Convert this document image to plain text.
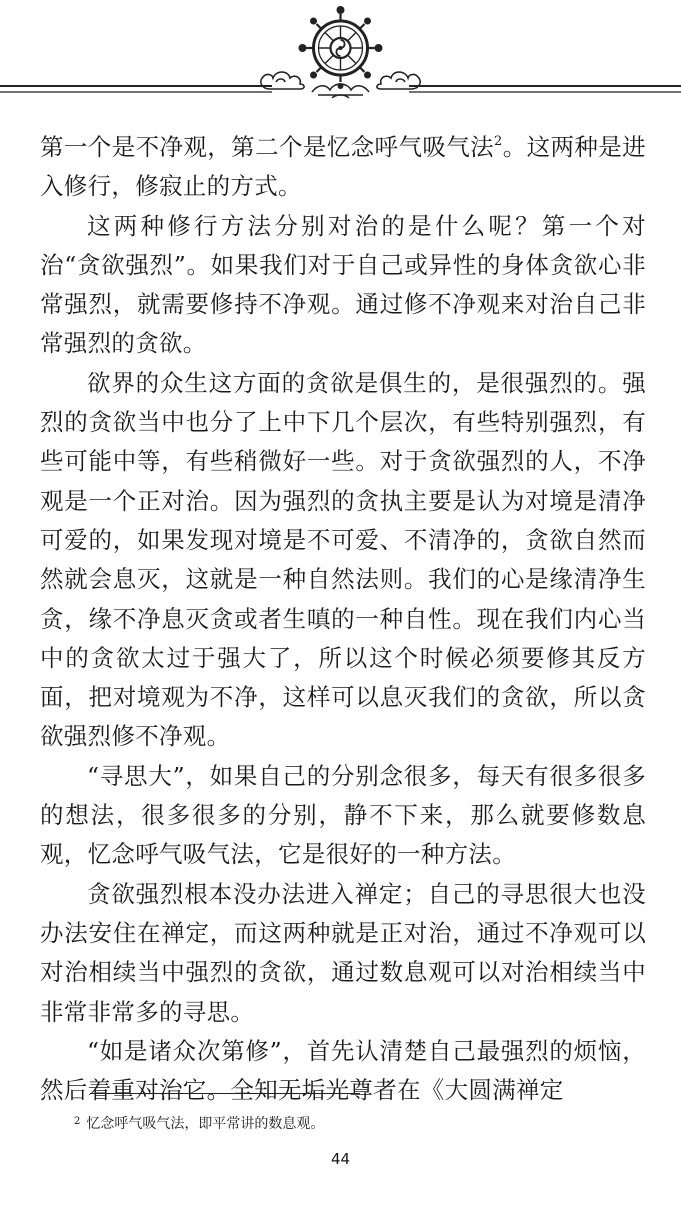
第一个是不净观，第二个是忆念呼气吸气法$^2$。这两种是进入修行，修寂止的方式。

这两种修行方法分别对治的是什么呢？第一个对治“贪欲强烈”。如果我们对于自己或异性的身体贪欲心非常强烈，就需要修持不净观。通过修不净观来对治自己非常强烈的贪欲。

欲界的众生这方面的贪欲是俱生的，是很强烈的。强烈的贪欲当中也分了上中下几个层次，有些特别强烈，有些可能中等，有些稍微好一些。对于贪欲强烈的人，不净观是一个正对治。因为强烈的贪执主要是认为对境是清净可爱的，如果发现对境是不可爱、不清净的，贪欲自然而然就会息灭，这就是一种自然法则。我们的心是缘清净生贪，缘不净息灭贪或者生嗔的一种自性。现在我们内心当中的贪欲太过于强大了，所以这个时候必须要修其反方面，把对境观为不净，这样可以息灭我们的贪欲，所以贪欲强烈修不净观。

“寻思大”，如果自己的分别念很多，每天有很多很多的想法，很多很多的分别，静不下来，那么就要修数息观，忆念呼气吸气法，它是很好的一种方法。

贪欲强烈根本没办法进入禅定；自己的寻思很大也没办法安住在禅定，而这两种就是正对治，通过不净观可以对治相续当中强烈的贪欲，通过数息观可以对治相续当中非常非常多的寻思。

“如是诸众次第修”，首先认清楚自己最强烈的烦恼，然后着重对治它。全知无垢光尊者在《大圆满禅定

$^2$ 忆念呼气吸气法，即平常讲的数息观。
44
